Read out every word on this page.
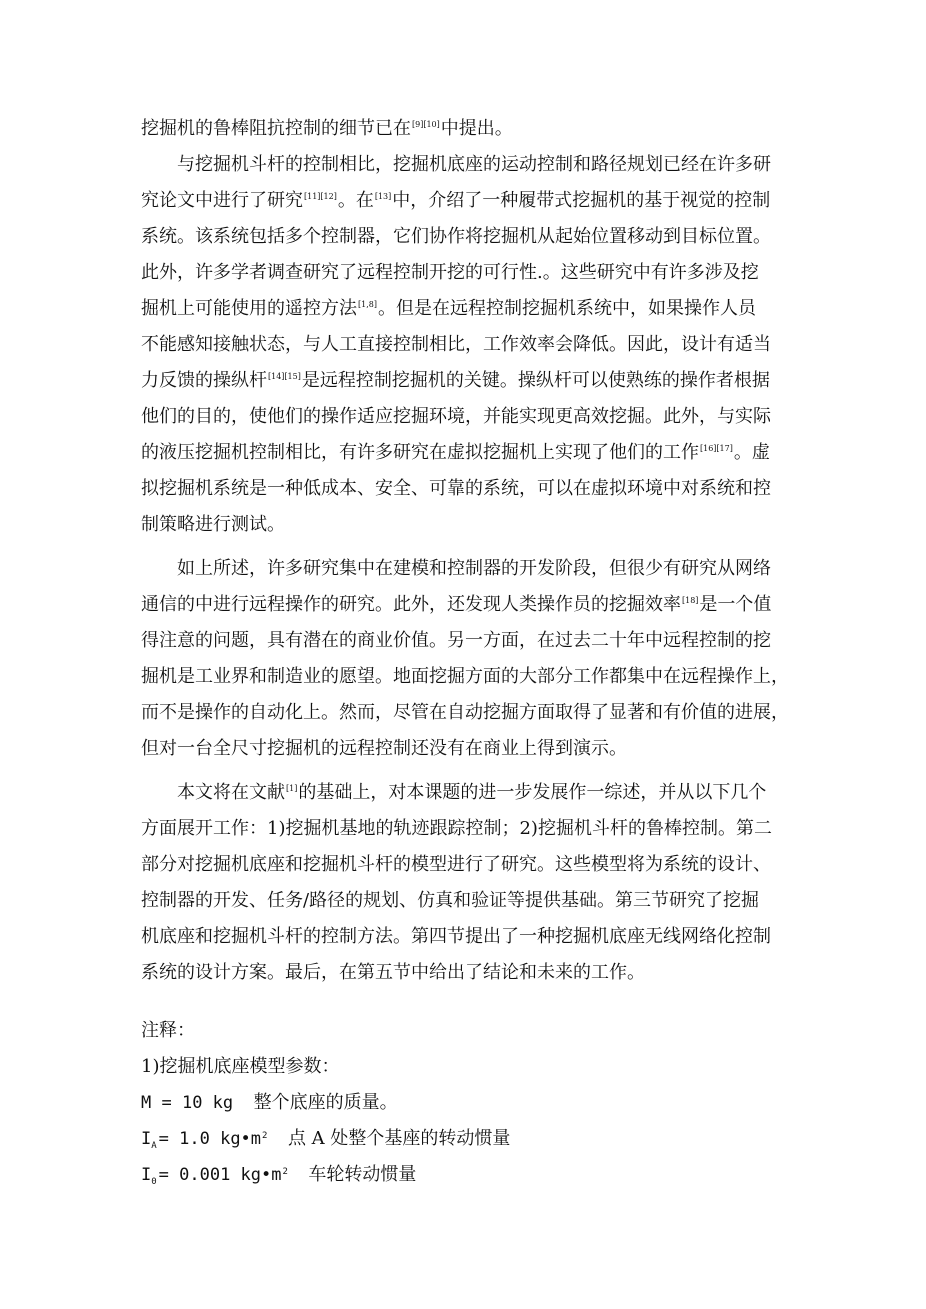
挖掘机的鲁棒阻抗控制的细节已在[9][10]中提出。

与挖掘机斗杆的控制相比，挖掘机底座的运动控制和路径规划已经在许多研

究论文中进行了研究[11][12]。在[13]中，介绍了一种履带式挖掘机的基于视觉的控制

系统。该系统包括多个控制器，它们协作将挖掘机从起始位置移动到目标位置。

此外，许多学者调查研究了远程控制开挖的可行性.。这些研究中有许多涉及挖

掘机上可能使用的遥控方法[1,8]。但是在远程控制挖掘机系统中，如果操作人员

不能感知接触状态，与人工直接控制相比，工作效率会降低。因此，设计有适当

力反馈的操纵杆[14][15]是远程控制挖掘机的关键。操纵杆可以使熟练的操作者根据

他们的目的，使他们的操作适应挖掘环境，并能实现更高效挖掘。此外，与实际

的液压挖掘机控制相比，有许多研究在虚拟挖掘机上实现了他们的工作[16][17]。虚

拟挖掘机系统是一种低成本、安全、可靠的系统，可以在虚拟环境中对系统和控

制策略进行测试。

如上所述，许多研究集中在建模和控制器的开发阶段，但很少有研究从网络

通信的中进行远程操作的研究。此外，还发现人类操作员的挖掘效率[18]是一个值

得注意的问题，具有潜在的商业价值。另一方面，在过去二十年中远程控制的挖

掘机是工业界和制造业的愿望。地面挖掘方面的大部分工作都集中在远程操作上，

而不是操作的自动化上。然而，尽管在自动挖掘方面取得了显著和有价值的进展，

但对一台全尺寸挖掘机的远程控制还没有在商业上得到演示。

本文将在文献[1]的基础上，对本课题的进一步发展作一综述，并从以下几个

方面展开工作：1)挖掘机基地的轨迹跟踪控制；2)挖掘机斗杆的鲁棒控制。第二

部分对挖掘机底座和挖掘机斗杆的模型进行了研究。这些模型将为系统的设计、

控制器的开发、任务/路径的规划、仿真和验证等提供基础。第三节研究了挖掘

机底座和挖掘机斗杆的控制方法。第四节提出了一种挖掘机底座无线网络化控制

系统的设计方案。最后，在第五节中给出了结论和未来的工作。

注释：

1)挖掘机底座模型参数：

M = 10 kg 整个底座的质量。

$I_A = 1.0$ $kg•m^2$ 点 A 处整个基座的转动惯量

$I_0 = 0.001$ $kg•m^2$ 车轮转动惯量
